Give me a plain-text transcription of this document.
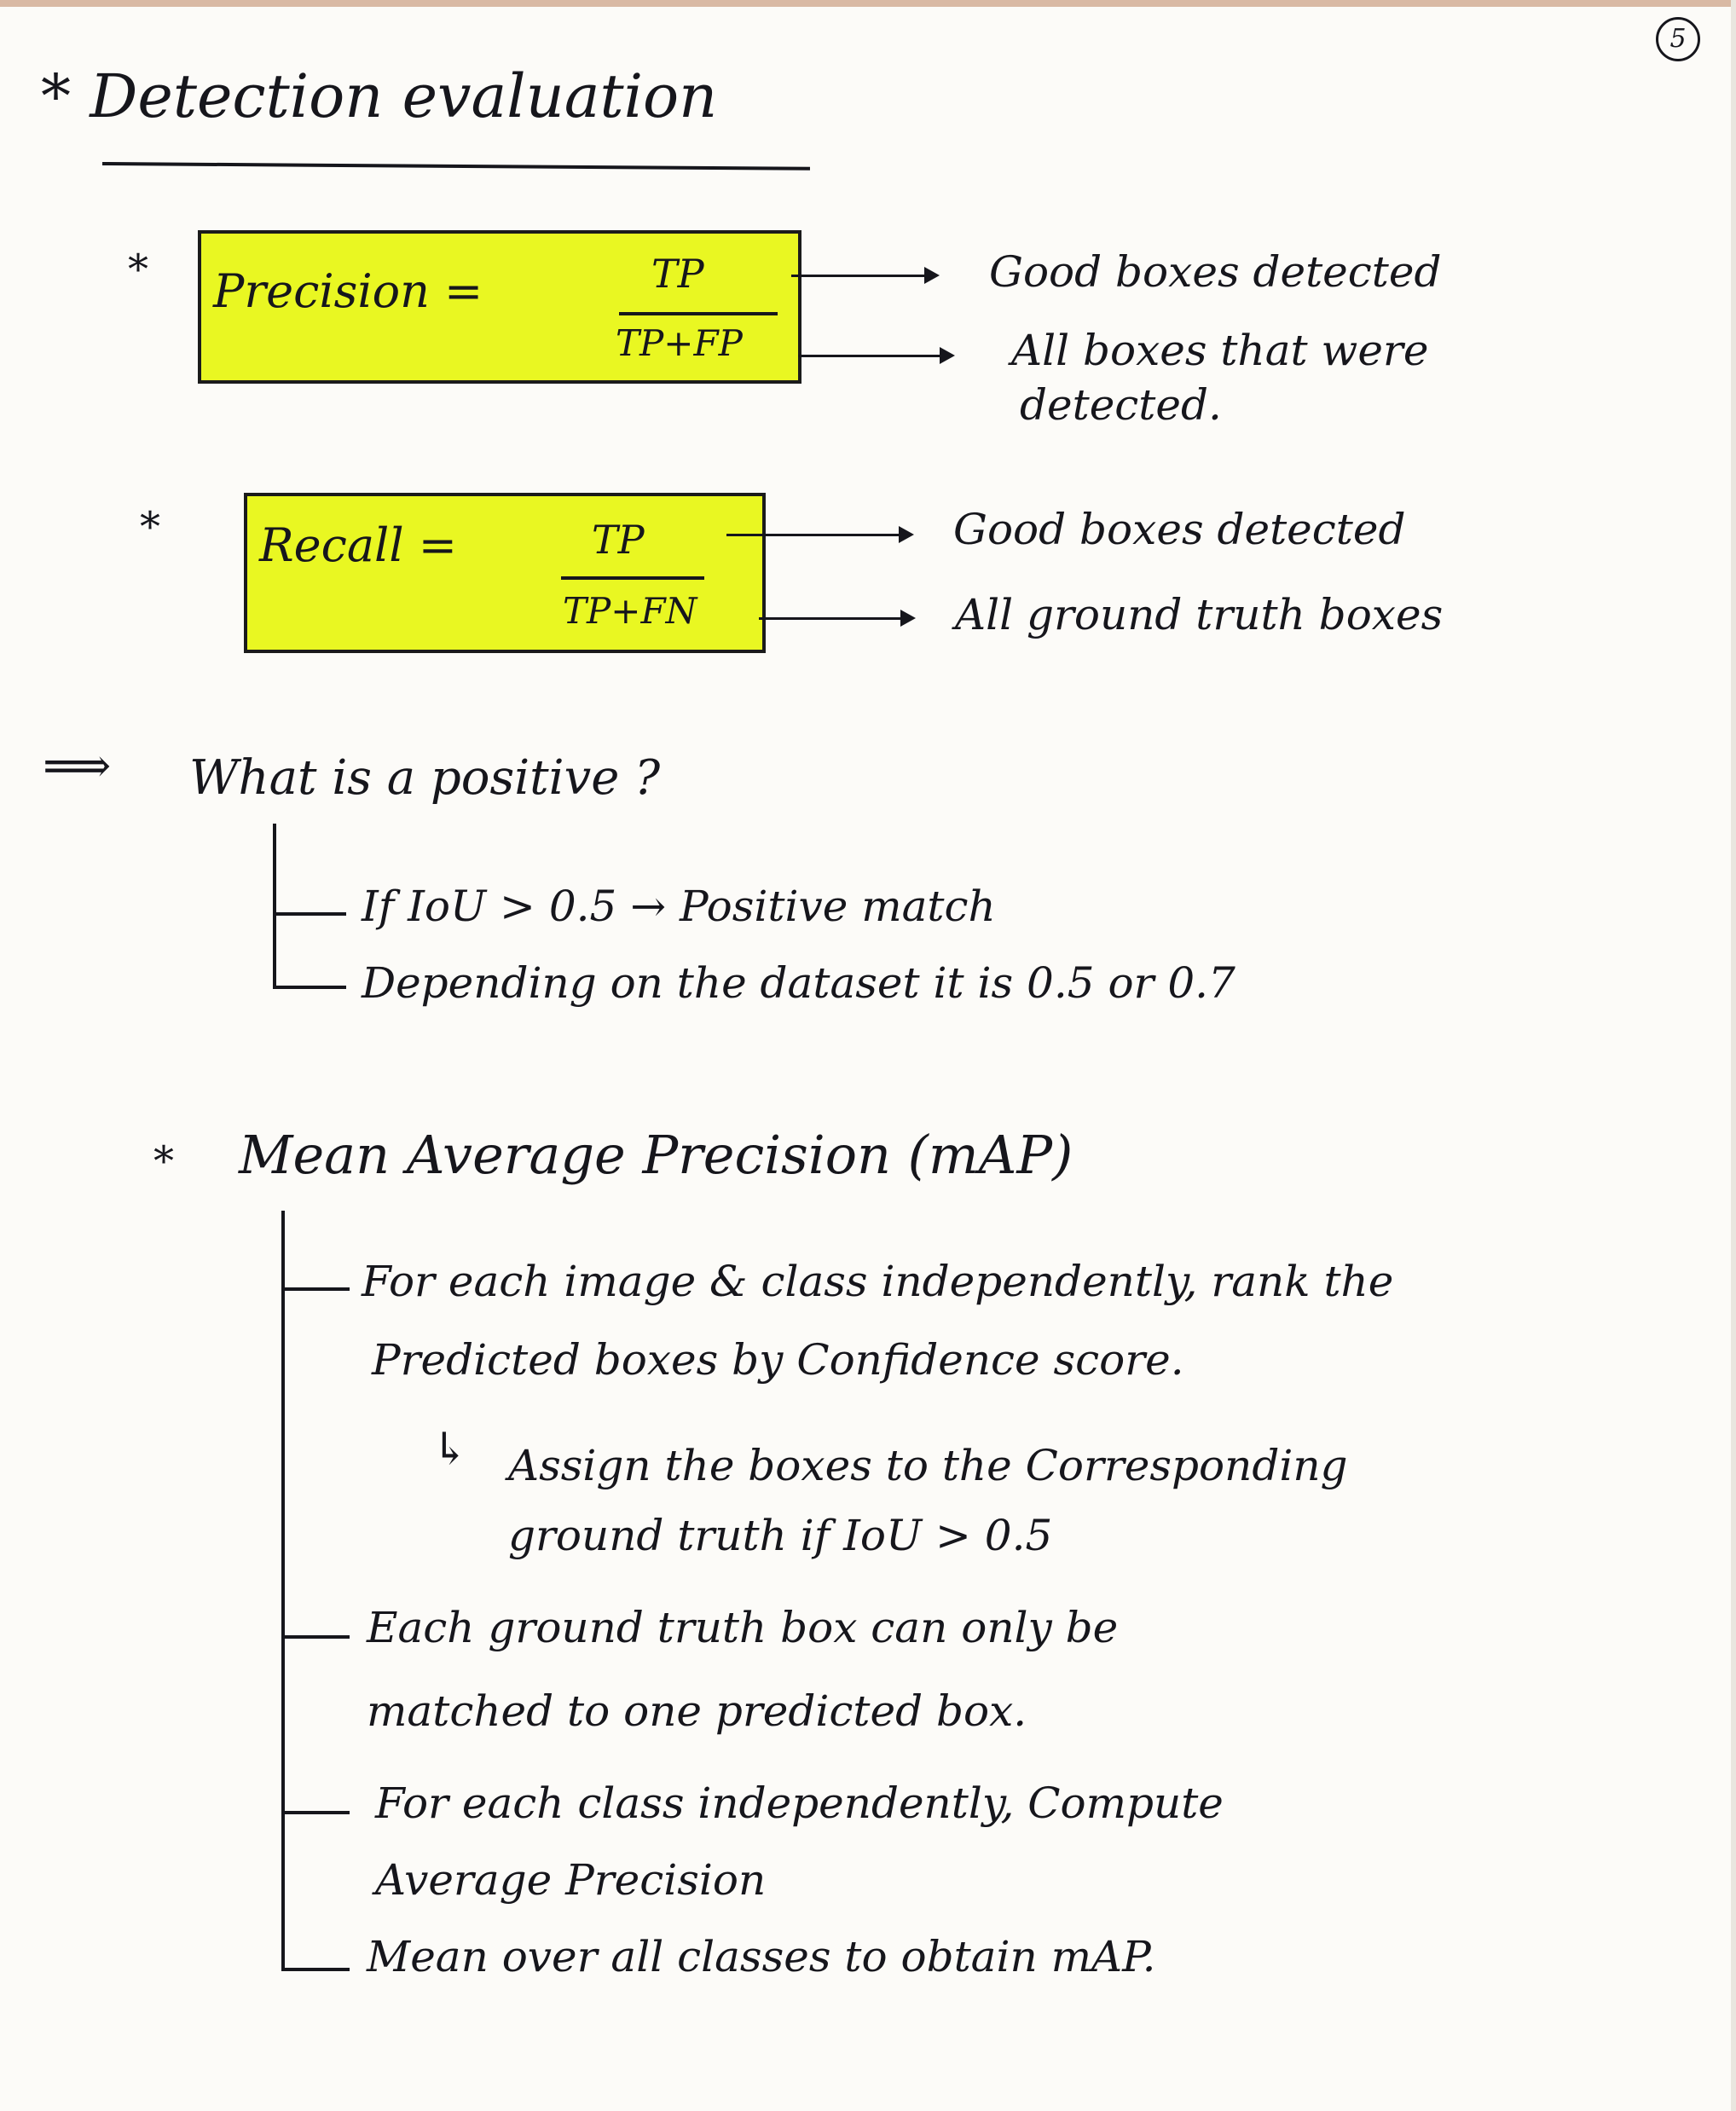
5
* Detection evaluation
* Precision =	TP
TP+FP
Good boxes detected
All boxes that were
detected.
* Recall =	TP
TP+FN
Good boxes detected
All ground truth boxes
⟹ What is a positive ?
If IoU > 0.5 → Positive match
Depending on the dataset it is 0.5 or 0.7
* Mean Average Precision (mAP)
For each image & class independently, rank the
Predicted boxes by Confidence score.
↳ Assign the boxes to the Corresponding
ground truth if IoU > 0.5
Each ground truth box can only be
matched to one predicted box.
For each class independently, Compute
Average Precision
Mean over all classes to obtain mAP.
